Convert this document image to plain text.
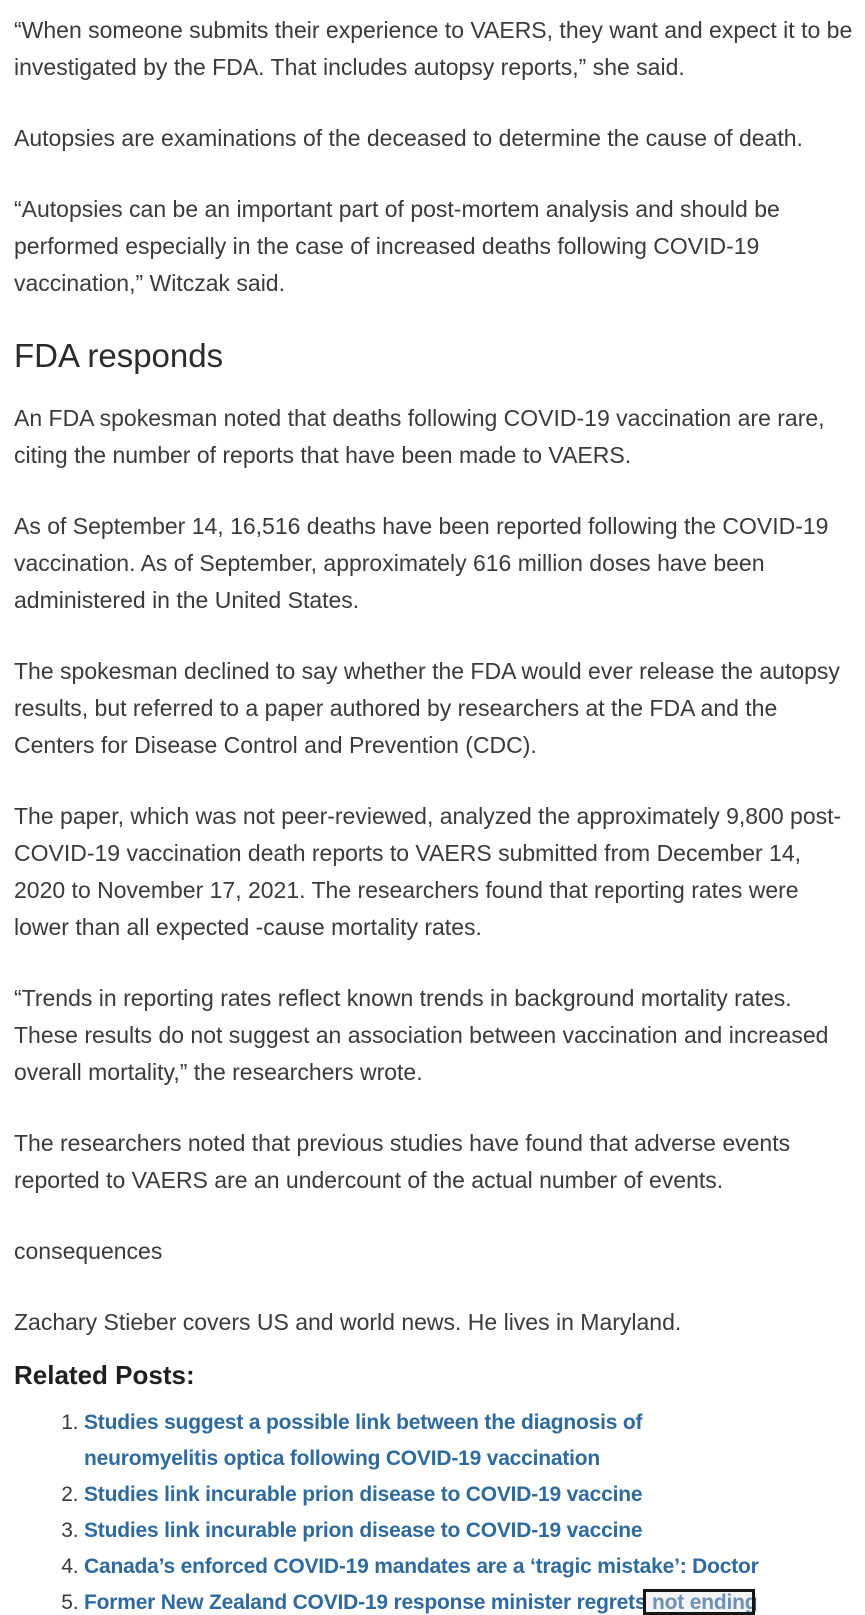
“When someone submits their experience to VAERS, they want and expect it to be investigated by the FDA. That includes autopsy reports,” she said.

Autopsies are examinations of the deceased to determine the cause of death.

“Autopsies can be an important part of post-mortem analysis and should be performed especially in the case of increased deaths following COVID-19 vaccination,” Witczak said.

FDA responds

An FDA spokesman noted that deaths following COVID-19 vaccination are rare, citing the number of reports that have been made to VAERS.

As of September 14, 16,516 deaths have been reported following the COVID-19 vaccination. As of September, approximately 616 million doses have been administered in the United States.

The spokesman declined to say whether the FDA would ever release the autopsy results, but referred to a paper authored by researchers at the FDA and the Centers for Disease Control and Prevention (CDC).

The paper, which was not peer-reviewed, analyzed the approximately 9,800 post-COVID-19 vaccination death reports to VAERS submitted from December 14, 2020 to November 17, 2021. The researchers found that reporting rates were lower than all expected -cause mortality rates.

“Trends in reporting rates reflect known trends in background mortality rates. These results do not suggest an association between vaccination and increased overall mortality,” the researchers wrote.

The researchers noted that previous studies have found that adverse events reported to VAERS are an undercount of the actual number of events.

consequences

Zachary Stieber covers US and world news. He lives in Maryland.

Related Posts:
1. Studies suggest a possible link between the diagnosis of neuromyelitis optica following COVID-19 vaccination
2. Studies link incurable prion disease to COVID-19 vaccine
3. Studies link incurable prion disease to COVID-19 vaccine
4. Canada’s enforced COVID-19 mandates are a ‘tragic mistake’: Doctor
5. Former New Zealand COVID-19 response minister regrets not ending
